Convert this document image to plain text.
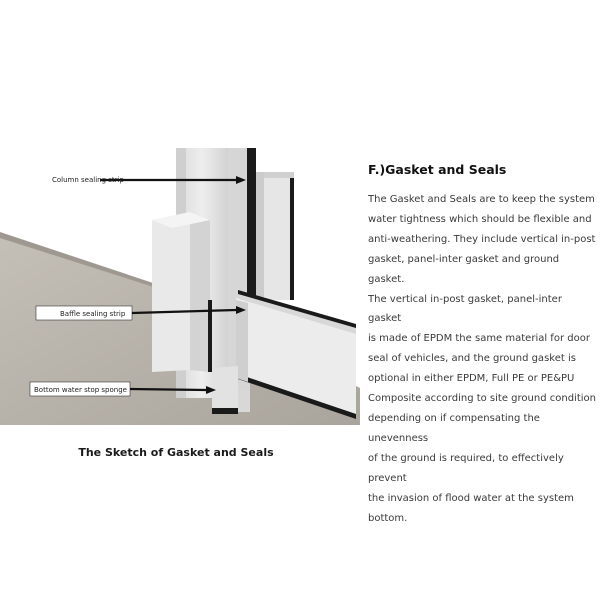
Column sealing strip
Baffle sealing strip
Bottom water stop sponge
The Sketch of Gasket and Seals
F.)Gasket and Seals
The Gasket and Seals are to keep the system
water tightness which should be flexible and
anti-weathering. They include vertical in-post
gasket, panel-inter gasket and ground gasket.
The vertical in-post gasket, panel-inter gasket
is made of EPDM the same material for door
seal of vehicles, and the ground gasket is
optional in either EPDM, Full PE or PE&PU
Composite according to site ground condition
depending on if compensating the unevenness
of the ground is required, to effectively prevent
the invasion of flood water at the system
bottom.
